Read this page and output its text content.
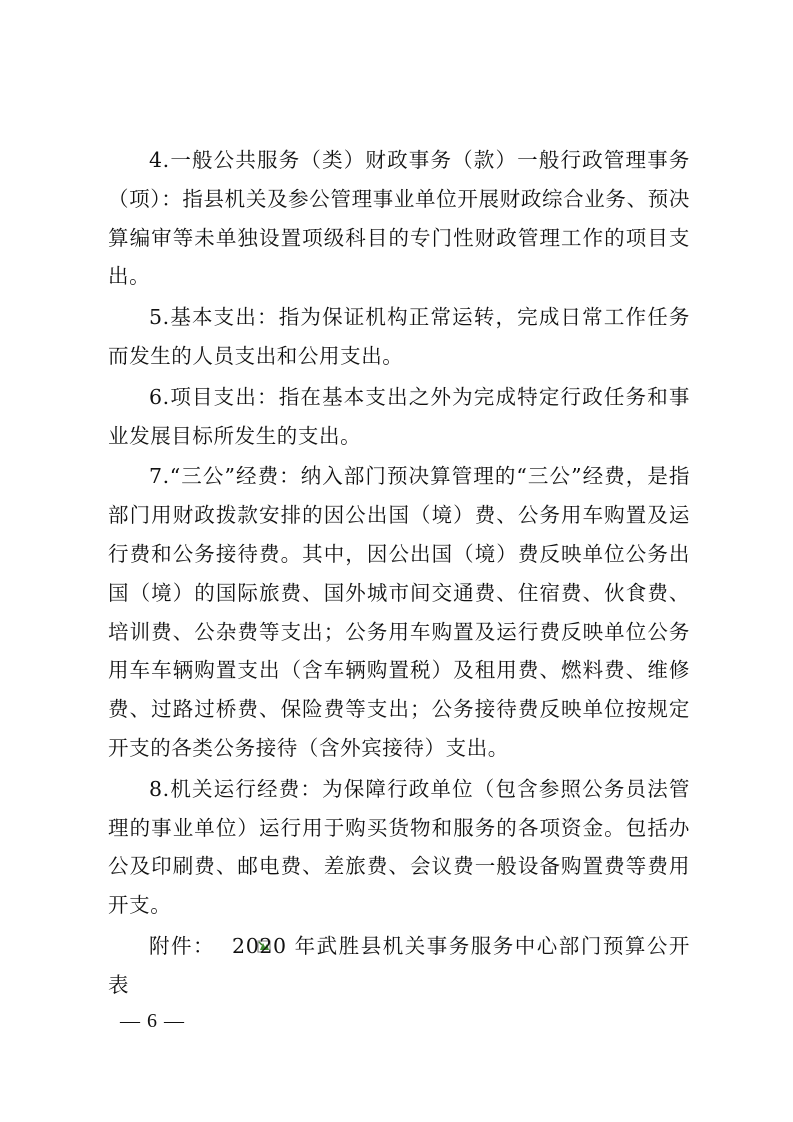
4.一般公共服务（类）财政事务（款）一般行政管理事务（项）：指县机关及参公管理事业单位开展财政综合业务、预决算编审等未单独设置项级科目的专门性财政管理工作的项目支出。

5.基本支出：指为保证机构正常运转，完成日常工作任务而发生的人员支出和公用支出。

6.项目支出：指在基本支出之外为完成特定行政任务和事业发展目标所发生的支出。

7.“三公”经费：纳入部门预决算管理的“三公”经费，是指部门用财政拨款安排的因公出国（境）费、公务用车购置及运行费和公务接待费。其中，因公出国（境）费反映单位公务出国（境）的国际旅费、国外城市间交通费、住宿费、伙食费、培训费、公杂费等支出；公务用车购置及运行费反映单位公务用车车辆购置支出（含车辆购置税）及租用费、燃料费、维修费、过路过桥费、保险费等支出；公务接待费反映单位按规定开支的各类公务接待（含外宾接待）支出。

8.机关运行经费：为保障行政单位（包含参照公务员法管理的事业单位）运行用于购买货物和服务的各项资金。包括办公及印刷费、邮电费、差旅费、会议费一般设备购置费等费用开支。

附件： 2020 年武胜县机关事务服务中心部门预算公开表

— 6 —
